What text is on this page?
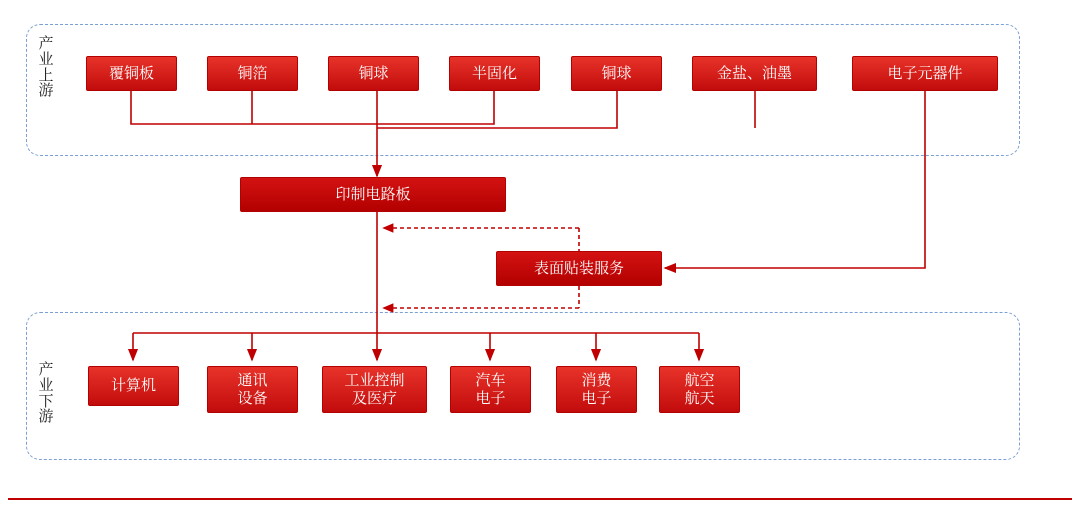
产业上游
产业下游
覆铜板	铜箔	铜球	半固化	铜球	金盐、油墨	电子元器件
印制电路板
表面贴装服务
计算机	通讯
设备
工业控制
及医疗
汽车
电子
消费
电子
航空
航天
